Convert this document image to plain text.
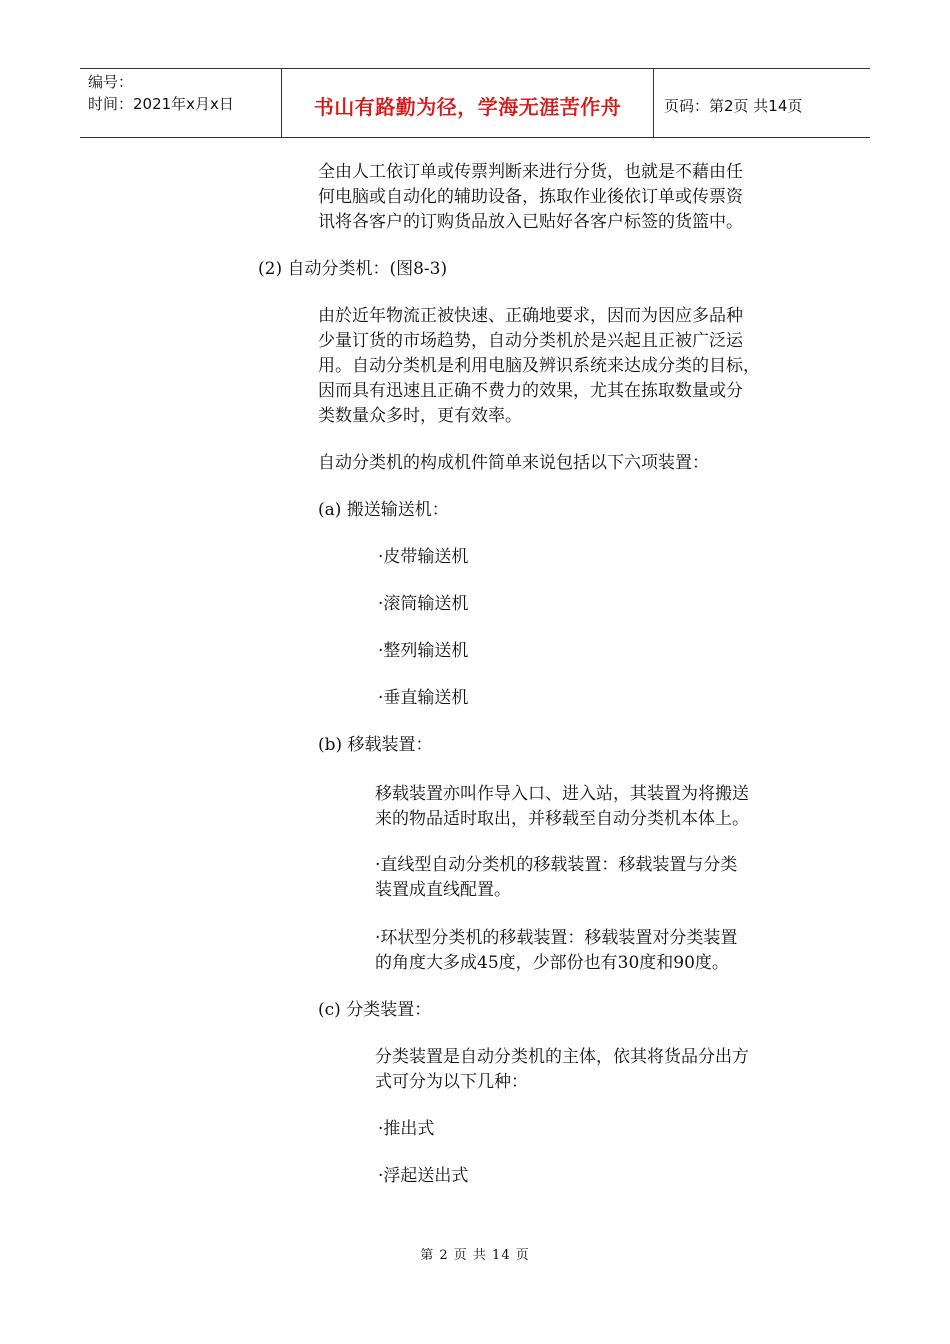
编号：
时间：2021年x月x日	书山有路勤为径，学海无涯苦作舟	页码：第2页 共14页
全由人工依订单或传票判断来进行分货，也就是不藉由任
何电脑或自动化的辅助设备，拣取作业後依订单或传票资
讯将各客户的订购货品放入已贴好各客户标签的货篮中。
(2) 自动分类机：(图8-3)
由於近年物流正被快速、正确地要求，因而为因应多品种
少量订货的市场趋势，自动分类机於是兴起且正被广泛运
用。自动分类机是利用电脑及辨识系统来达成分类的目标，
因而具有迅速且正确不费力的效果，尤其在拣取数量或分
类数量众多时，更有效率。
自动分类机的构成机件简单来说包括以下六项装置：
(a) 搬送输送机：
·皮带输送机
·滚筒输送机
·整列输送机
·垂直输送机
(b) 移载装置：
移载装置亦叫作导入口、进入站，其装置为将搬送
来的物品适时取出，并移载至自动分类机本体上。
·直线型自动分类机的移载装置：移载装置与分类
装置成直线配置。
·环状型分类机的移载装置：移载装置对分类装置
的角度大多成45度，少部份也有30度和90度。
(c) 分类装置：
分类装置是自动分类机的主体，依其将货品分出方
式可分为以下几种：
·推出式
·浮起送出式
第 2 页 共 14 页
